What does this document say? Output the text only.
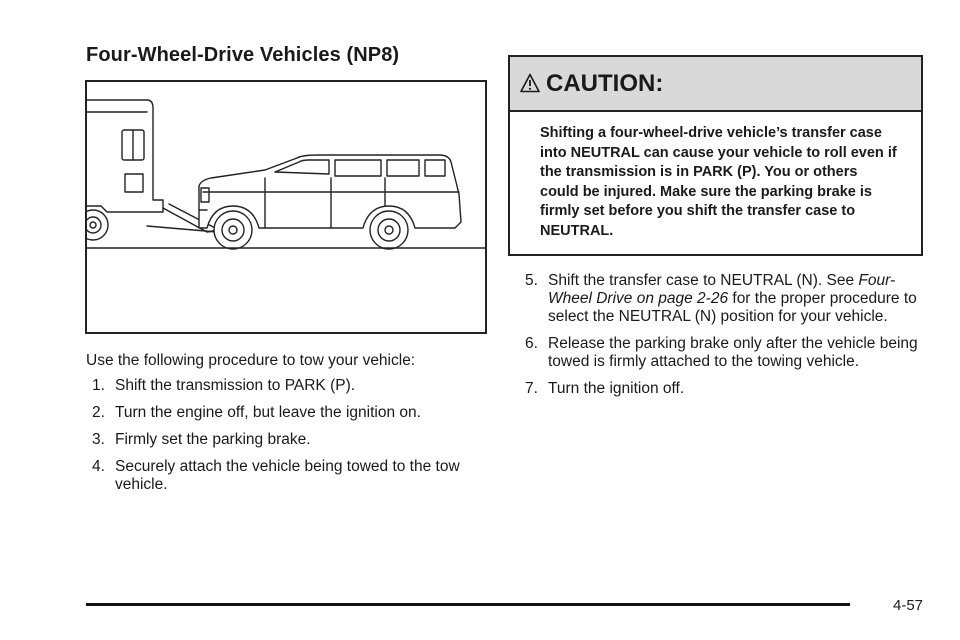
Four-Wheel-Drive Vehicles (NP8)

Use the following procedure to tow your vehicle:

1. Shift the transmission to PARK (P).
2. Turn the engine off, but leave the ignition on.
3. Firmly set the parking brake.
4. Securely attach the vehicle being towed to the tow vehicle.
CAUTION:
Shifting a four-wheel-drive vehicle’s transfer case into NEUTRAL can cause your vehicle to roll even if the transmission is in PARK (P). You or others could be injured. Make sure the parking brake is firmly set before you shift the transfer case to NEUTRAL.
5. Shift the transfer case to NEUTRAL (N). See Four-Wheel Drive on page 2-26 for the proper procedure to select the NEUTRAL (N) position for your vehicle.
6. Release the parking brake only after the vehicle being towed is firmly attached to the towing vehicle.
7. Turn the ignition off.
4-57
